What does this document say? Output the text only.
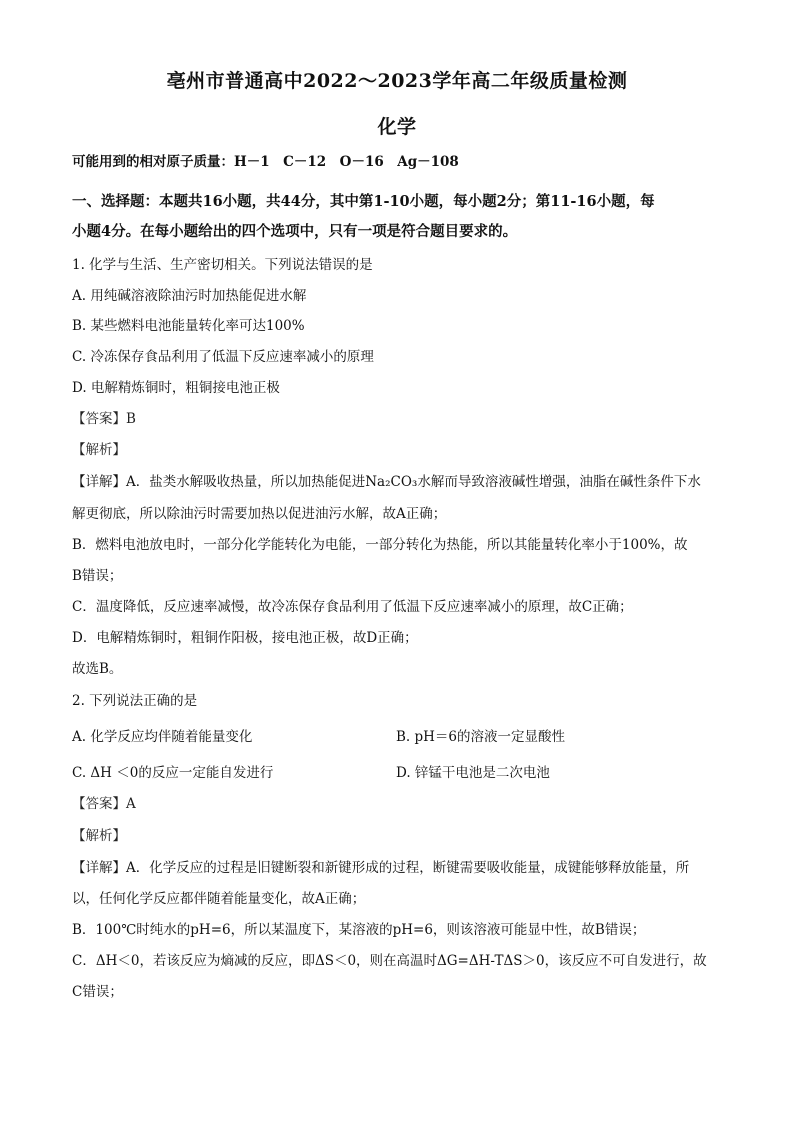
亳州市普通高中2022～2023学年高二年级质量检测
化学
可能用到的相对原子质量：H－1　C－12　O－16　Ag－108
一、选择题：本题共16小题，共44分，其中第1-10小题，每小题2分；第11-16小题，每
小题4分。在每小题给出的四个选项中，只有一项是符合题目要求的。
1. 化学与生活、生产密切相关。下列说法错误的是
A. 用纯碱溶液除油污时加热能促进水解
B. 某些燃料电池能量转化率可达100%
C. 冷冻保存食品利用了低温下反应速率减小的原理
D. 电解精炼铜时，粗铜接电池正极
【答案】B
【解析】
【详解】A．盐类水解吸收热量，所以加热能促进Na₂CO₃水解而导致溶液碱性增强，油脂在碱性条件下水
解更彻底，所以除油污时需要加热以促进油污水解，故A正确；
B．燃料电池放电时，一部分化学能转化为电能，一部分转化为热能，所以其能量转化率小于100%，故
B错误；
C．温度降低，反应速率减慢，故冷冻保存食品利用了低温下反应速率减小的原理，故C正确；
D．电解精炼铜时，粗铜作阳极，接电池正极，故D正确；
故选B。
2. 下列说法正确的是
A. 化学反应均伴随着能量变化	B. pH＝6的溶液一定显酸性
C. ΔH ＜0的反应一定能自发进行	D. 锌锰干电池是二次电池
【答案】A
【解析】
【详解】A．化学反应的过程是旧键断裂和新键形成的过程，断键需要吸收能量，成键能够释放能量，所
以，任何化学反应都伴随着能量变化，故A正确；
B．100℃时纯水的pH=6，所以某温度下，某溶液的pH=6，则该溶液可能显中性，故B错误；
C．ΔH＜0，若该反应为熵减的反应，即ΔS＜0，则在高温时ΔG=ΔH-TΔS＞0，该反应不可自发进行，故
C错误；
